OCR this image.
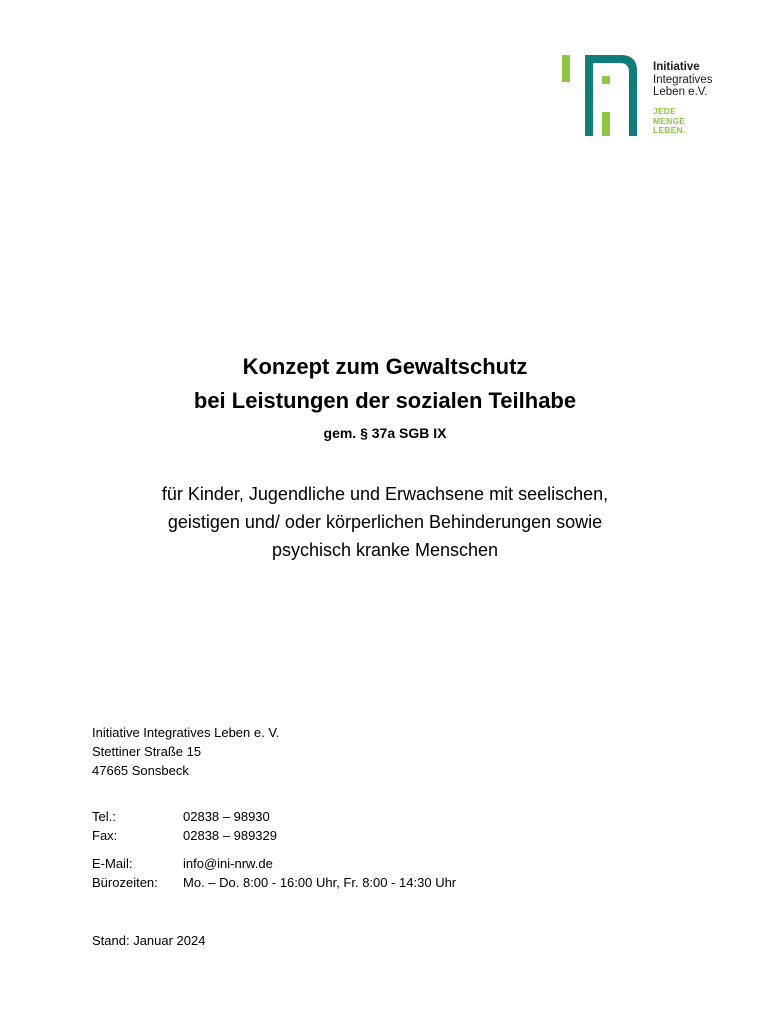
Initiative
Integratives
Leben e.V.
JEDE
MENGE
LEBEN.
Konzept zum Gewaltschutz
bei Leistungen der sozialen Teilhabe
gem. § 37a SGB IX
für Kinder, Jugendliche und Erwachsene mit seelischen,
geistigen und/ oder körperlichen Behinderungen sowie
psychisch kranke Menschen
Initiative Integratives Leben e. V.
Stettiner Straße 15
47665 Sonsbeck
Tel.:	02838 – 98930
Fax:	02838 – 989329
E-Mail:	info@ini-nrw.de
Bürozeiten: Mo. – Do. 8:00 - 16:00 Uhr, Fr. 8:00 - 14:30 Uhr
Stand: Januar 2024
